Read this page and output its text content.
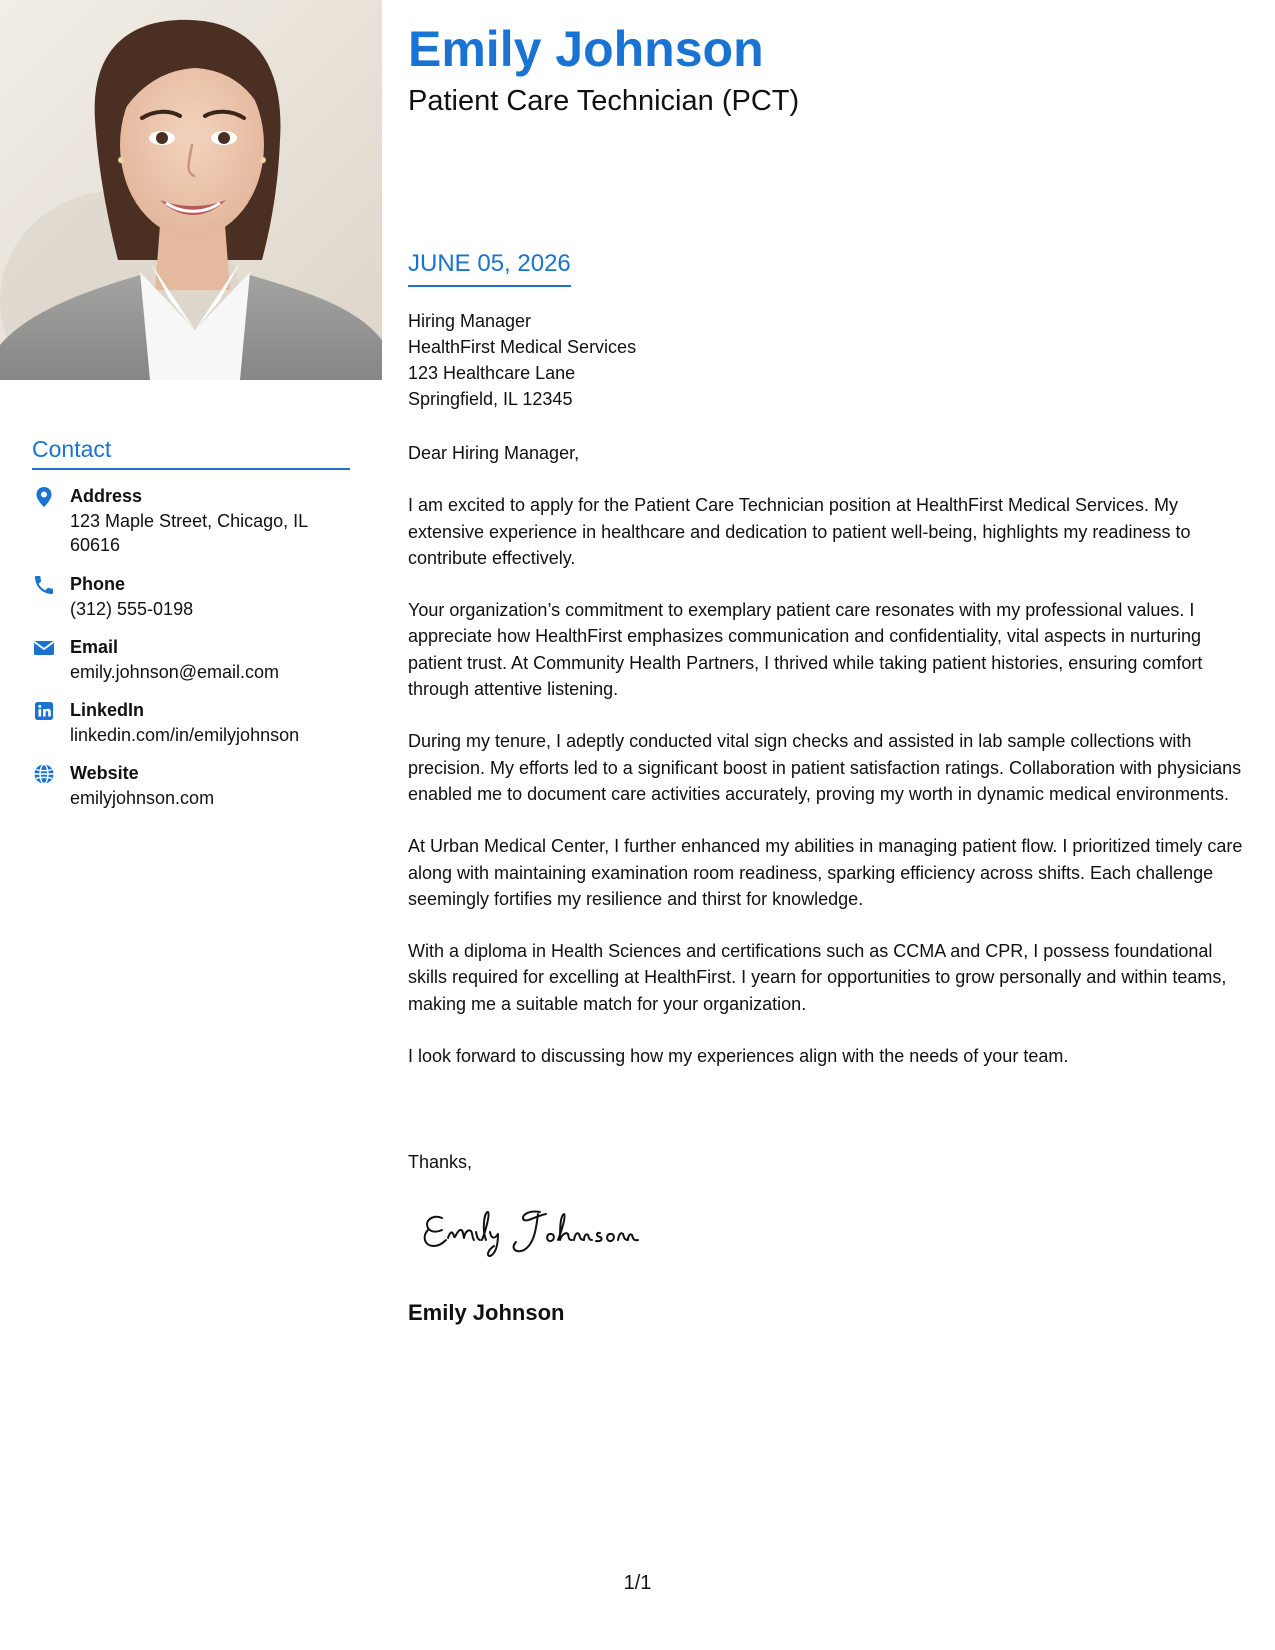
Emily Johnson
Patient Care Technician (PCT)
JUNE 05, 2026
Hiring Manager
HealthFirst Medical Services
123 Healthcare Lane
Springfield, IL 12345

Dear Hiring Manager,

I am excited to apply for the Patient Care Technician position at HealthFirst Medical Services. My extensive experience in healthcare and dedication to patient well-being, highlights my readiness to contribute effectively.

Your organization’s commitment to exemplary patient care resonates with my professional values. I appreciate how HealthFirst emphasizes communication and confidentiality, vital aspects in nurturing patient trust. At Community Health Partners, I thrived while taking patient histories, ensuring comfort through attentive listening.

During my tenure, I adeptly conducted vital sign checks and assisted in lab sample collections with precision. My efforts led to a significant boost in patient satisfaction ratings. Collaboration with physicians enabled me to document care activities accurately, proving my worth in dynamic medical environments.

At Urban Medical Center, I further enhanced my abilities in managing patient flow. I prioritized timely care along with maintaining examination room readiness, sparking efficiency across shifts. Each challenge seemingly fortifies my resilience and thirst for knowledge.

With a diploma in Health Sciences and certifications such as CCMA and CPR, I possess foundational skills required for excelling at HealthFirst. I yearn for opportunities to grow personally and within teams, making me a suitable match for your organization.

I look forward to discussing how my experiences align with the needs of your team.

Thanks,
Emily Johnson
Contact
Address
123 Maple Street, Chicago, IL 60616
Phone
(312) 555-0198
Email
emily.johnson@email.com
LinkedIn
linkedin.com/in/emilyjohnson
Website
emilyjohnson.com
1/1
